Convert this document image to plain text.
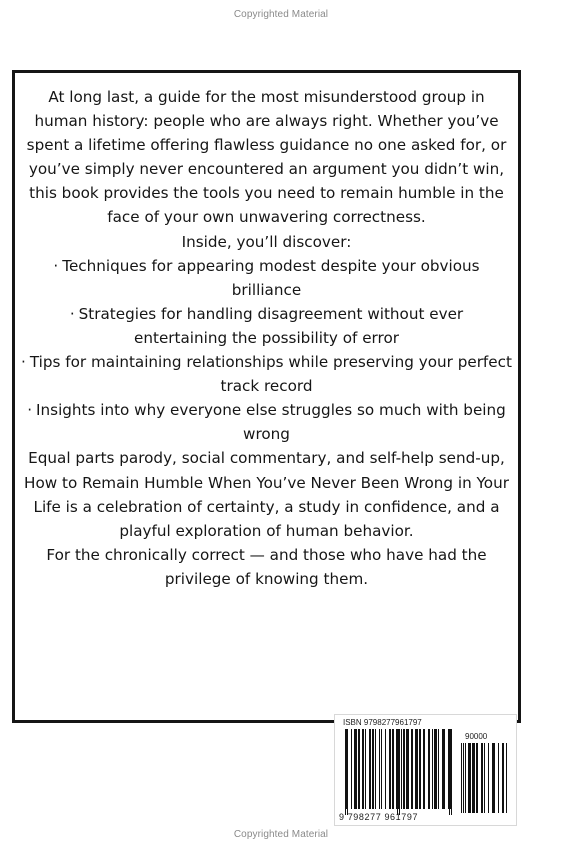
Copyrighted Material

At long last, a guide for the most misunderstood group in human history: people who are always right. Whether you’ve spent a lifetime offering flawless guidance no one asked for, or you’ve simply never encountered an argument you didn’t win, this book provides the tools you need to remain humble in the face of your own unwavering correctness.

Inside, you’ll discover:

· Techniques for appearing modest despite your obvious brilliance

· Strategies for handling disagreement without ever entertaining the possibility of error

· Tips for maintaining relationships while preserving your perfect track record

· Insights into why everyone else struggles so much with being wrong

Equal parts parody, social commentary, and self-help send-up, How to Remain Humble When You’ve Never Been Wrong in Your Life is a celebration of certainty, a study in confidence, and a playful exploration of human behavior.

For the chronically correct — and those who have had the privilege of knowing them.

ISBN 9798277961797
90000
9 798277 961797
Copyrighted Material
